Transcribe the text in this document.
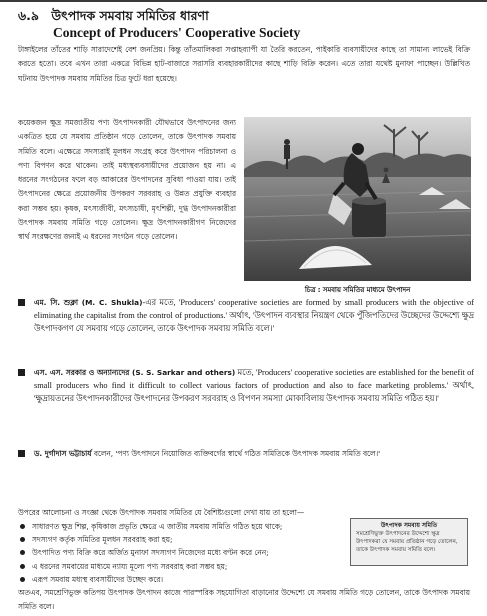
৬.৯ উৎপাদক সমবায় সমিতির ধারণা
Concept of Producers' Cooperative Society

টাঙ্গাইলের তাঁতের শাড়ি সারাদেশেই বেশ জনপ্রিয়। কিন্তু তাঁতমালিকরা সপ্তাহব্যাপী যা তৈরি করতেন, পাইকারি ব্যবসায়ীদের কাছে তা সামান্য লাভেই বিক্রি করতে হতো। তবে এখন তারা একত্রে বিভিন্ন হাট-বাজারে সরাসরি ব্যবহারকারীদের কাছে শাড়ি বিক্রি করেন। এতে তারা যথেষ্ট মুনাফা পাচ্ছেন। উল্লিখিত ঘটনায় উৎপাদক সমবায় সমিতির চিত্র ফুটে ধরা হয়েছে।

কয়েকজন ক্ষুদ্র সমজাতীয় পণ্য উৎপাদনকারী যৌথভাবে উৎপাদনের জন্য একত্রিত হয়ে যে সমবায় প্রতিষ্ঠান গড়ে তোলেন, তাকে উৎপাদক সমবায় সমিতি বলে। এক্ষেত্রে সদস্যরাই মূলধন সংগ্রহ করে উৎপাদন পরিচালনা ও পণ্য বিপণন করে থাকেন। তাই মধ্যস্থব্যবসায়ীদের প্রয়োজন হয় না। এ ধরনের সংগঠনের ফলে বড় আকারের উৎপাদনের সুবিধা পাওয়া যায়। তাই উৎপাদনের ক্ষেত্রে প্রয়োজনীয় উপকরণ সরবরাহ ও উন্নত প্রযুক্তি ব্যবহার করা সম্ভব হয়। কৃষক, মৎস্যজীবী, মৎস্যচাষী, মৃৎশিল্পী, দুগ্ধ উৎপাদনকারীরা উৎপাদক সমবায় সমিতি গড়ে তোলেন। ক্ষুদ্র উৎপাদনকারীগণ নিজেদের স্বার্থ সংরক্ষণের জন্যই এ ধরনের সংগঠন গড়ে তোলেন।

চিত্র : সমবায় সমিতির মাধ্যমে উৎপাদন
এম. সি. শুক্লা (M. C. Shukla)-এর মতে, 'Producers' cooperative societies are formed by small producers with the objective of eliminating the capitalist from the control of productions.' অর্থাৎ, 'উৎপাদন ব্যবস্থার নিয়ন্ত্রণ থেকে পুঁজিপতিদের উচ্ছেদের উদ্দেশ্যে ক্ষুদ্র উৎপাদকগণ যে সমবায় গড়ে তোলেন, তাকে উৎপাদক সমবায় সমিতি বলে।'
এস. এস. সরকার ও অন্যান্যদের (S. S. Sarkar and others) মতে, 'Producers' cooperative societies are established for the benefit of small producers who find it difficult to collect various factors of production and also to face marketing problems.' অর্থাৎ, 'ক্ষুদ্রায়তনের উৎপাদনকারীদের উৎপাদনের উপকরণ সরবরাহ ও বিপণন সমস্যা মোকাবিলায় উৎপাদক সমবায় সমিতি গঠিত হয়।'
ড. দুর্গাদাস ভট্টাচার্য বলেন, 'পণ্য উৎপাদনে নিয়োজিত ব্যক্তিবর্গের স্বার্থে গঠিত সমিতিকে উৎপাদক সমবায় সমিতি বলে।'

উপরের আলোচনা ও সংজ্ঞা থেকে উৎপাদক সমবায় সমিতির যে বৈশিষ্ট্যগুলো দেখা যায় তা হলো—

সাধারণত ক্ষুদ্র শিল্প, কৃষিকাজ প্রভৃতি ক্ষেত্রে এ জাতীয় সমবায় সমিতি গঠিত হয়ে থাকে;
সদস্যগণ কর্তৃক সমিতির মূলধন সরবরাহ করা হয়;
উৎপাদিত পণ্য বিক্রি করে অর্জিত মুনাফা সদস্যগণ নিজেদের মধ্যে বণ্টন করে নেন;
এ ধরনের সমবায়ের মাধ্যমে ন্যায্য মূল্যে পণ্য সরবরাহ করা সম্ভব হয়;
এরূপ সমবায় মধ্যস্থ ব্যবসায়ীদের উচ্ছেদ করে।
উৎপাদক সমবায় সমিতি
সমশ্রেণিভুক্ত উৎপাদনের উদ্দেশ্যে ক্ষুদ্র উৎপাদকরা যে সমবায় প্রতিষ্ঠান গড়ে তোলেন, তাকে উৎপাদক সমবায় সমিতি বলে।

অতএব, সমশ্রেণিভুক্ত কতিপয় উৎপাদক উৎপাদন কাজে পারস্পরিক সহযোগিতা বাড়ানোর উদ্দেশ্যে যে সমবায় সমিতি গড়ে তোলেন, তাকে উৎপাদক সমবায় সমিতি বলে।
